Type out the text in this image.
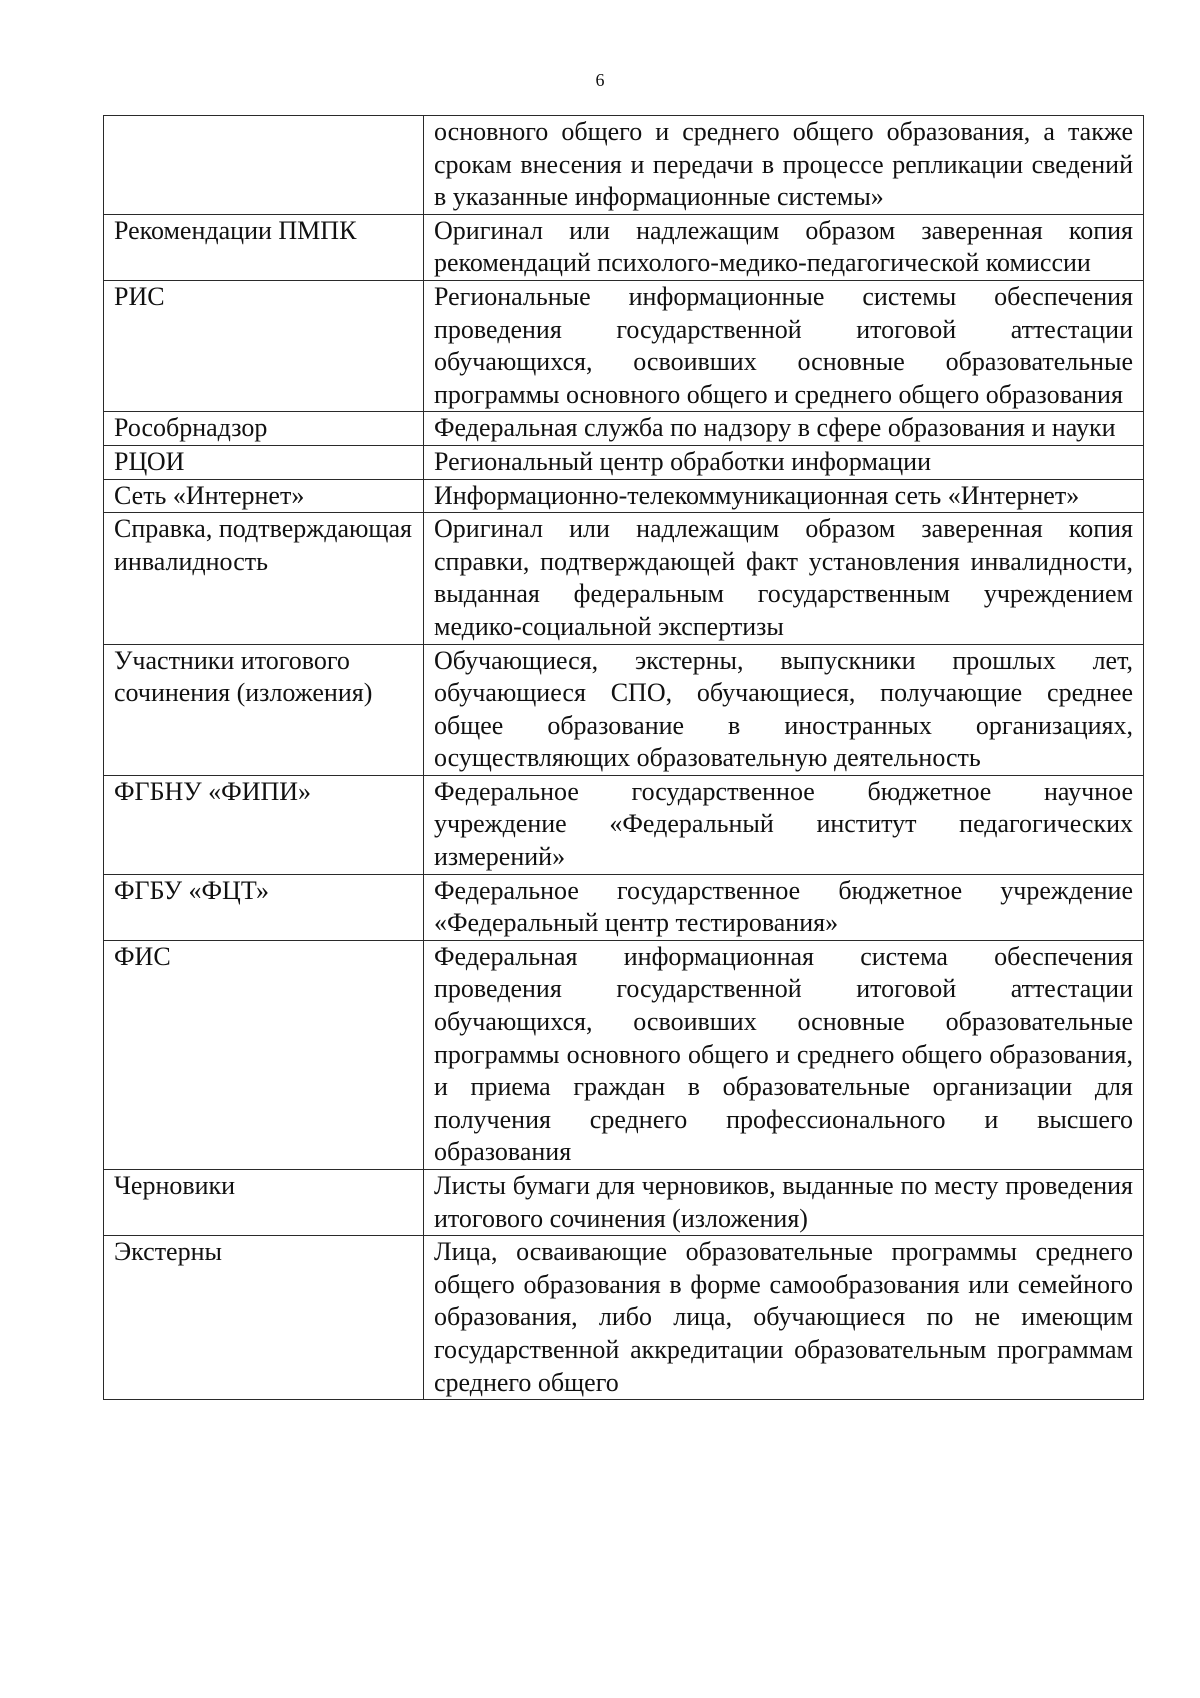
6
	основного общего и среднего общего образования, а также срокам внесения и передачи в процессе репликации сведений в указанные информационные системы»
Рекомендации ПМПК	Оригинал или надлежащим образом заверенная копия рекомендаций психолого-медико-педагогической комиссии
РИС	Региональные информационные системы обеспечения проведения государственной итоговой аттестации обучающихся, освоивших основные образовательные программы основного общего и среднего общего образования
Рособрнадзор	Федеральная служба по надзору в сфере образования и науки
РЦОИ	Региональный центр обработки информации
Сеть «Интернет»	Информационно-телекоммуникационная сеть «Интернет»
Справка, подтверждающая инвалидность	Оригинал или надлежащим образом заверенная копия справки, подтверждающей факт установления инвалидности, выданная федеральным государственным учреждением медико-социальной экспертизы
Участники итогового сочинения (изложения)	Обучающиеся, экстерны, выпускники прошлых лет, обучающиеся СПО, обучающиеся, получающие среднее общее образование в иностранных организациях, осуществляющих образовательную деятельность
ФГБНУ «ФИПИ»	Федеральное государственное бюджетное научное учреждение «Федеральный институт педагогических измерений»
ФГБУ «ФЦТ»	Федеральное государственное бюджетное учреждение «Федеральный центр тестирования»
ФИС	Федеральная информационная система обеспечения проведения государственной итоговой аттестации обучающихся, освоивших основные образовательные программы основного общего и среднего общего образования, и приема граждан в образовательные организации для получения среднего профессионального и высшего образования
Черновики	Листы бумаги для черновиков, выданные по месту проведения итогового сочинения (изложения)
Экстерны	Лица, осваивающие образовательные программы среднего общего образования в форме самообразования или семейного образования, либо лица, обучающиеся по не имеющим государственной аккредитации образовательным программам среднего общего
